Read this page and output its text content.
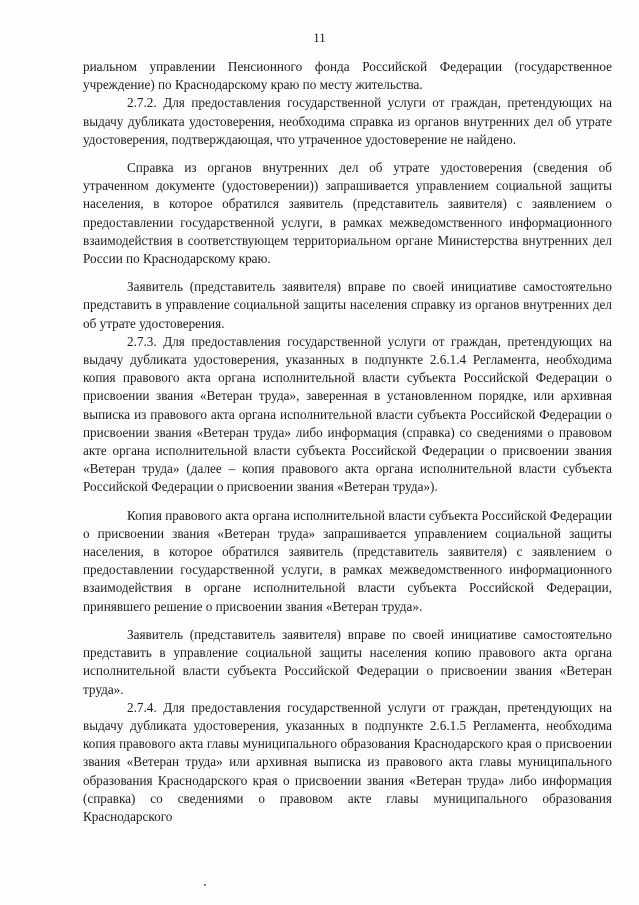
11

риальном управлении Пенсионного фонда Российской Федерации (государственное учреждение) по Краснодарскому краю по месту жительства.

2.7.2. Для предоставления государственной услуги от граждан, претендующих на выдачу дубликата удостоверения, необходима справка из органов внутренних дел об утрате удостоверения, подтверждающая, что утраченное удостоверение не найдено.

Справка из органов внутренних дел об утрате удостоверения (сведения об утраченном документе (удостоверении)) запрашивается управлением социальной защиты населения, в которое обратился заявитель (представитель заявителя) с заявлением о предоставлении государственной услуги, в рамках межведомственного информационного взаимодействия в соответствующем территориальном органе Министерства внутренних дел России по Краснодарскому краю.

Заявитель (представитель заявителя) вправе по своей инициативе самостоятельно представить в управление социальной защиты населения справку из органов внутренних дел об утрате удостоверения.

2.7.3. Для предоставления государственной услуги от граждан, претендующих на выдачу дубликата удостоверения, указанных в подпункте 2.6.1.4 Регламента, необходима копия правового акта органа исполнительной власти субъекта Российской Федерации о присвоении звания «Ветеран труда», заверенная в установленном порядке, или архивная выписка из правового акта органа исполнительной власти субъекта Российской Федерации о присвоении звания «Ветеран труда» либо информация (справка) со сведениями о правовом акте органа исполнительной власти субъекта Российской Федерации о присвоении звания «Ветеран труда» (далее – копия правового акта органа исполнительной власти субъекта Российской Федерации о присвоении звания «Ветеран труда»).

Копия правового акта органа исполнительной власти субъекта Российской Федерации о присвоении звания «Ветеран труда» запрашивается управлением социальной защиты населения, в которое обратился заявитель (представитель заявителя) с заявлением о предоставлении государственной услуги, в рамках межведомственного информационного взаимодействия в органе исполнительной власти субъекта Российской Федерации, принявшего решение о присвоении звания «Ветеран труда».

Заявитель (представитель заявителя) вправе по своей инициативе самостоятельно представить в управление социальной защиты населения копию правового акта органа исполнительной власти субъекта Российской Федерации о присвоении звания «Ветеран труда».

2.7.4. Для предоставления государственной услуги от граждан, претендующих на выдачу дубликата удостоверения, указанных в подпункте 2.6.1.5 Регламента, необходима копия правового акта главы муниципального образования Краснодарского края о присвоении звания «Ветеран труда» или архивная выписка из правового акта главы муниципального образования Краснодарского края о присвоении звания «Ветеран труда» либо информация (справка) со сведениями о правовом акте главы муниципального образования Краснодарского
